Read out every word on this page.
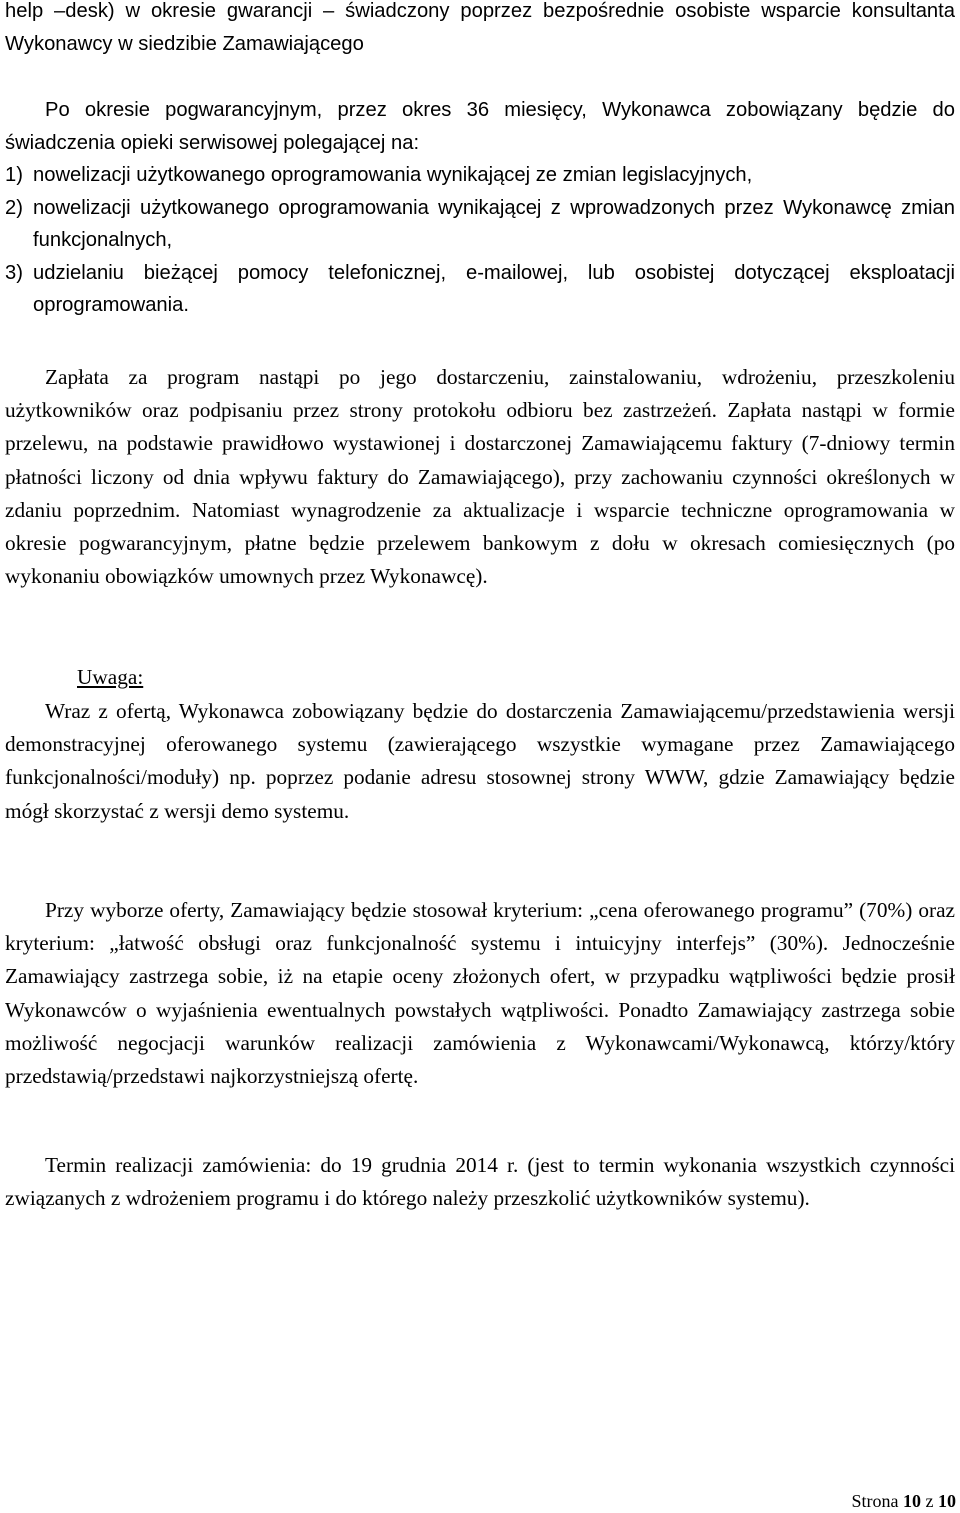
help –desk) w okresie gwarancji – świadczony poprzez bezpośrednie osobiste wsparcie konsultanta Wykonawcy w siedzibie Zamawiającego

Po okresie pogwarancyjnym, przez okres 36 miesięcy, Wykonawca zobowiązany będzie do świadczenia opieki serwisowej polegającej na:

1) nowelizacji użytkowanego oprogramowania wynikającej ze zmian legislacyjnych,
2) nowelizacji użytkowanego oprogramowania wynikającej z wprowadzonych przez Wykonawcę zmian funkcjonalnych,
3) udzielaniu bieżącej pomocy telefonicznej, e-mailowej, lub osobistej dotyczącej eksploatacji oprogramowania.

Zapłata za program nastąpi po jego dostarczeniu, zainstalowaniu, wdrożeniu, przeszkoleniu użytkowników oraz podpisaniu przez strony protokołu odbioru bez zastrzeżeń. Zapłata nastąpi w formie przelewu, na podstawie prawidłowo wystawionej i dostarczonej Zamawiającemu faktury (7-dniowy termin płatności liczony od dnia wpływu faktury do Zamawiającego), przy zachowaniu czynności określonych w zdaniu poprzednim. Natomiast wynagrodzenie za aktualizacje i wsparcie techniczne oprogramowania w okresie pogwarancyjnym, płatne będzie przelewem bankowym z dołu w okresach comiesięcznych (po wykonaniu obowiązków umownych przez Wykonawcę).

Uwaga:

Wraz z ofertą, Wykonawca zobowiązany będzie do dostarczenia Zamawiającemu/przedstawienia wersji demonstracyjnej oferowanego systemu (zawierającego wszystkie wymagane przez Zamawiającego funkcjonalności/moduły) np. poprzez podanie adresu stosownej strony WWW, gdzie Zamawiający będzie mógł skorzystać z wersji demo systemu.

Przy wyborze oferty, Zamawiający będzie stosował kryterium: „cena oferowanego programu” (70%) oraz kryterium: „łatwość obsługi oraz funkcjonalność systemu i intuicyjny interfejs” (30%). Jednocześnie Zamawiający zastrzega sobie, iż na etapie oceny złożonych ofert, w przypadku wątpliwości będzie prosił Wykonawców o wyjaśnienia ewentualnych powstałych wątpliwości. Ponadto Zamawiający zastrzega sobie możliwość negocjacji warunków realizacji zamówienia z Wykonawcami/Wykonawcą, którzy/który przedstawią/przedstawi najkorzystniejszą ofertę.

Termin realizacji zamówienia: do 19 grudnia 2014 r. (jest to termin wykonania wszystkich czynności związanych z wdrożeniem programu i do którego należy przeszkolić użytkowników systemu).

Strona 10 z 10
